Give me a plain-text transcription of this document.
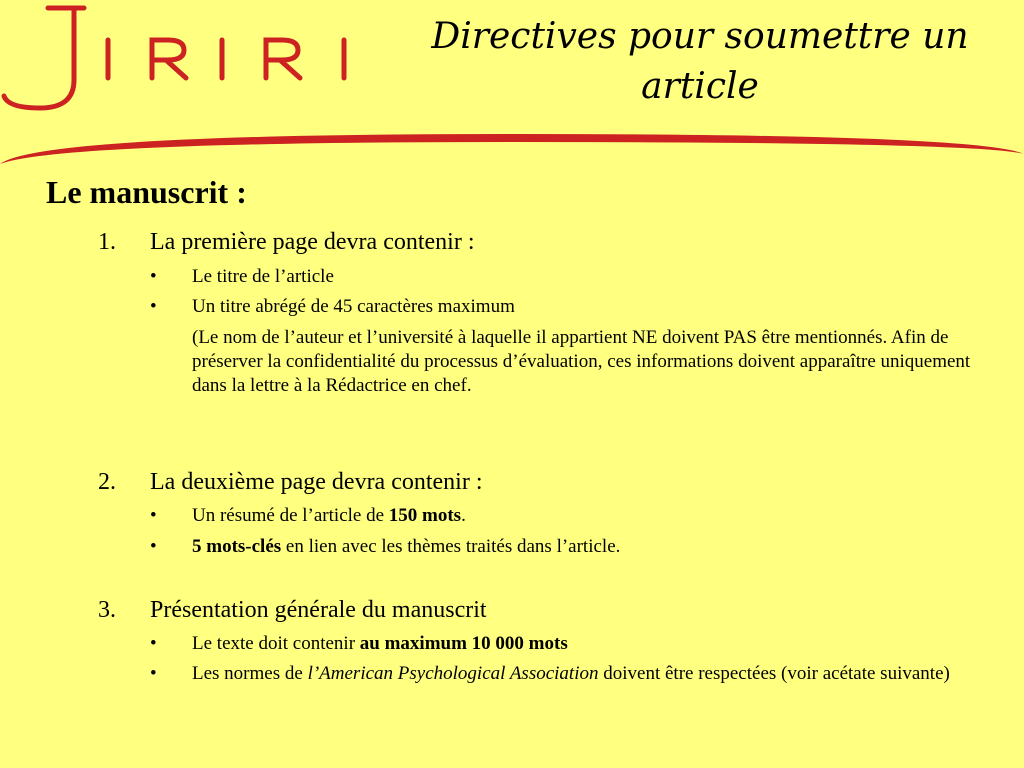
Directives pour soumettre un
article
Le manuscrit :
1. La première page devra contenir :
• Le titre de l’article
• Un titre abrégé de 45 caractères maximum
(Le nom de l’auteur et l’université à laquelle il appartient NE doivent PAS être mentionnés. Afin de préserver la confidentialité du processus d’évaluation, ces informations doivent apparaître uniquement dans la lettre à la Rédactrice en chef.
2. La deuxième page devra contenir :
• Un résumé de l’article de 150 mots.
• 5 mots-clés en lien avec les thèmes traités dans l’article.
3. Présentation générale du manuscrit
• Le texte doit contenir au maximum 10 000 mots
• Les normes de l’American Psychological Association doivent être respectées (voir acétate suivante)
